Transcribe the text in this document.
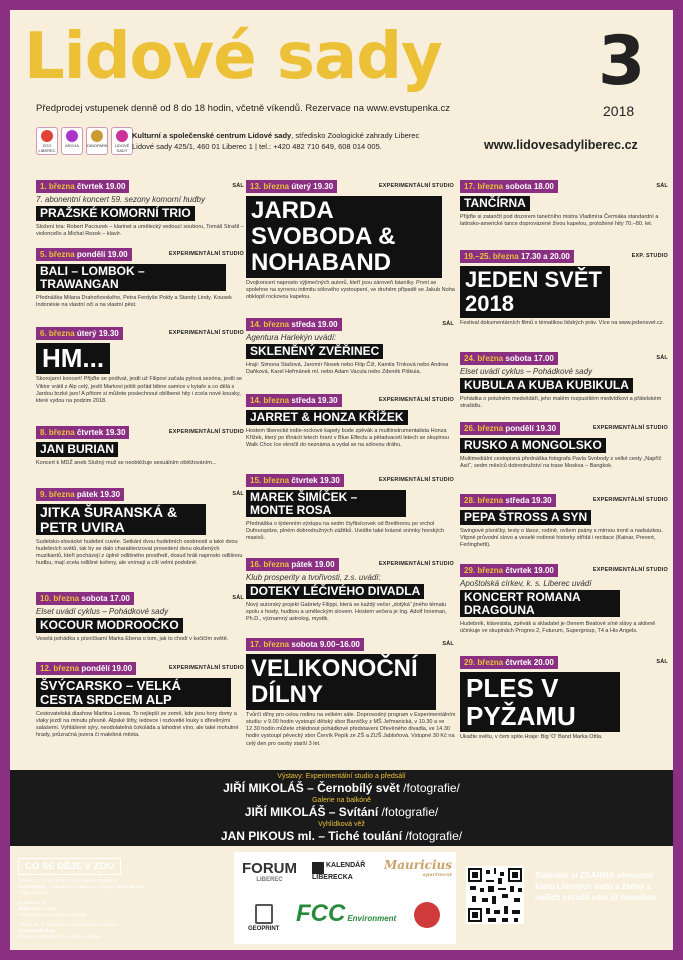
Lidové sady 3
2018
Předprodej vstupenek denně od 8 do 18 hodin, včetně víkendů. Rezervace na www.evstupenka.cz
ZOO LIBEREC
ARCHA	DINOPARK	LIDOVÉ SADY
Kulturní a společenské centrum Lidové sady, středisko Zoologické zahrady Liberec
Lidové sady 425/1, 460 01 Liberec 1 | tel.: +420 482 710 649, 608 014 005.	www.lidovesadyliberec.cz
1. března čtvrtek 19.00	SÁL
7. abonentní koncert 59. sezony komorní hudby
PRAŽSKÉ KOMORNÍ TRIO
Složení tria: Robert Pacourek – klarinet a umělecký vedoucí souboru, Tomáš Strašil – violoncello a Michal Rezek – klavír.
5. března pondělí 19.00	EXPERIMENTÁLNÍ STUDIO
BALI – LOMBOK – TRAWANGAN
Přednáška Milana Drahoňovského, Petra Ferdyše Poldy a Standy Lindy. Kousek Indonésie na vlastní oči a na vlastní pěst.
6. března úterý 19.30	EXPERIMENTÁLNÍ STUDIO
HM...
Skorojarní koncert! Přijďte se podívat, jestli už Filipovi začala pylová sezóna, jestli se Viktor vrátil z Alp celý, jestli Markovi ještě pořád bibne samice v kytaře a co dělá s Jardou brzké jaro! A přitom si můžete poslechnout oblíbené hity i zcela nové kousky, které vydou na podzim 2018.
8. března čtvrtek 19.30	EXPERIMENTÁLNÍ STUDIO
JAN BURIAN
Koncert k MDŽ aneb Slušný muž se neobtěžuje sexuálním obtěžováním...
9. března pátek 19.30	SÁL
JITKA ŠURANSKÁ & PETR UVIRA
Sudetsko-slovácké hudební cuvée. Setkání dvou hudebních osobností a také dvou hudebních světů, tak by se dalo charakterizovat provedení dvou okušených muzikantů, kteří pocházejí z úplně odlišného prostředí, dosud hráli naprosto odlišnou hudbu, mají zcela odlišné kořeny, ale vnímají a cítí velmi podobně.
10. března sobota 17.00	SÁL
Elset uvádí cyklus – Pohádkové sady
KOCOUR MODROOČKO
Veselá pohádka s písničkami Marka Ebena o tom, jak to chodí v kočičím světě.
12. března pondělí 19.00	EXPERIMENTÁLNÍ STUDIO
ŠVÝCARSKO – VELKÁ CESTA SRDCEM ALP
Cestovatelská diashow Martina Loewa. To nejlepší ze země, kde jsou hory domy a vlaky jezdí na minutu přesně. Alpské štíty, ledovce i rozkvetlé louky s dřevěnými salaśemi. Vyhlášené sýry, neodolatelná čokoláda a lahodné víno, ale také mohutné hrady, průzračná jezera či malebná města.
13. března úterý 19.30	EXPERIMENTÁLNÍ STUDIO
JARDA SVOBODA & NOHABAND
Dvojkoncert naprosto výjimečných autorů, kteří jsou zároveň básníky. První se spolehne na syrovou intimitu sólového vystoupení, ve druhém případě se Jakub Noha obklopil rockovou kapelou.
14. března středa 19.00	SÁL
Agentura Harlekýn uvádí:
SKLENĚNÝ ZVĚŘINEC
Hrají: Simona Stašová, Jaromír Nosek nebo Filip Číž, Kamila Trnková nebo Andrea Daňková, Karel Heřmánek ml. nebo Adam Vacula nebo Zdeněk Piškula.
14. března středa 19.30	EXPERIMENTÁLNÍ STUDIO
JARRET & HONZA KŘÍŽEK
Hostem liberecké indie-rockové kapely bude zpěvák a multiinstrumentalista Honza Křížek, který po třinácti letech hraní v Blue Effectu a pětadvaceti letech se skupinou Walk Choc Ice vkročil do neznáma a vydal se na sólovou dráhu.
15. března čtvrtek 19.30	EXPERIMENTÁLNÍ STUDIO
MAREK ŠIMÍČEK – MONTE ROSA
Přednáška o týdenním výstupu na sedm čtyřtisícovek od Breithornu po vrchol Dufourspitze, plném dobrodružných zážitků. Uvidíte také krásné snímky horských masivů.
16. března pátek 19.00	EXPERIMENTÁLNÍ STUDIO
Klub prosperity a tvořivosti, z.s. uvádí:
DOTEKY LÉČIVÉHO DIVADLA
Nový autorský projekt Gabriely Filippi, která se každý večer „dotýká“ jiného tématu spolu s hosty, hudbou a uměleckým slovem. Hostem večera je Ing. Adolf Inneman, Ph.D., významný astrolog, mystik.
17. března sobota 9.00–16.00	SÁL
VELIKONOČNÍ DÍLNY
Tvůrčí dílny pro celou rodinu na velkém sále. Doprovodný program v Experimentálním studiu: v 9.00 hodin vystoupí dětský sbor Barvičky z MŠ Jeřmanická, v 10.30 a ve 12.30 hodin můžete zhlédnout pohádkové představení Dřevěného divadla, ve 14.30 hodin vystoupí pěvecký sbor Červík Pepík ze ZŠ a ZUŠ Jabloňová. Vstupné 30 Kč na celý den pro osoby starší 3 let.
17. března sobota 18.00	SÁL
TANČÍRNA
Přijďte si zatančit pod dozorem tanečního mistra Vladimíra Čermáka standardní a latinsko-americké tance doprovázené živou kapelou, proložené hity 70.–80. let.
19.–25. března 17.30 a 20.00	EXP. STUDIO
JEDEN SVĚT 2018
Festival dokumentárních filmů s tématikou lidských práv. Více na www.jedensvet.cz.
24. března sobota 17.00	SÁL
Elset uvádí cyklus – Pohádkové sady
KUBULA A KUBA KUBIKULA
Pohádka o potulném medvědáři, jeho malém rozpustilém medvídkovi a přátelském strašidlu.
26. března pondělí 19.30	EXPERIMENTÁLNÍ STUDIO
RUSKO A MONGOLSKO
Multimediální cestopisná přednáška fotografa Pavla Svobody z velké cesty „Napříč Asií“, sedm měsíců dobrodružství na trase Moskva – Bangkok.
28. března středa 19.30	EXPERIMENTÁLNÍ STUDIO
PEPA ŠTROSS A SYN
Swingové písničky, texty o lásce, rodině, ovšem psány s mírnou ironií a nadsázkou. Vtipné průvodní slovo a veselé rodinné historky střídá i recitace (Kainar, Prevert, Ferlinghetti).
29. března čtvrtek 19.00	EXPERIMENTÁLNÍ STUDIO
Apoštolská církev, k. s. Liberec uvádí
KONCERT ROMANA DRAGOUNA
Hudebník, klávesista, zpěvák a skladatel je členem Beatové síně slávy a aktivně účinkuje ve skupinách Progres 2, Futurum, Supergroup, T4 a His Angels.
29. března čtvrtek 20.00	SÁL
PLES V PYŽAMU
Ukažte světu, v čem spíte.Hraje: Big 'O' Band Marka Ottla.
Výstavy: Experimentální studio a předsálí
JIŘÍ MIKOLÁŠ – Černobílý svět /fotografie/
Galerie na balkóně
JIŘÍ MIKOLÁŠ – Svítání /fotografie/
Vyhlídková věž
JAN PIKOUS ml. – Tiché toulání /fotografie/
CO SE DĚJE V ZOO
Středa 14. 3. od 18.00 hodin, budova ZooExpo
ZooObjektiv – pravidelné setkání se zoology liberecké zoo
Vstup zdarma.
Sobota 24. 3.
Velikonoce v zoo
Tématický kvíz v areálu zahrady
Středa 28. 3. od 18.00 hodin, budova ZooExpo
ZooKaleidoskop
Ochrana mořských želv. Vstup zdarma.
FORUM
LIBEREC
KALENDÁŘ LIBERECKA
Mauricius
apartment
GEOPRINT
FCC Environment
Stáhněte si ZDARMA věrnostní kartu Lidových sadů a žádný z našich pořadů vám již neunikne.
